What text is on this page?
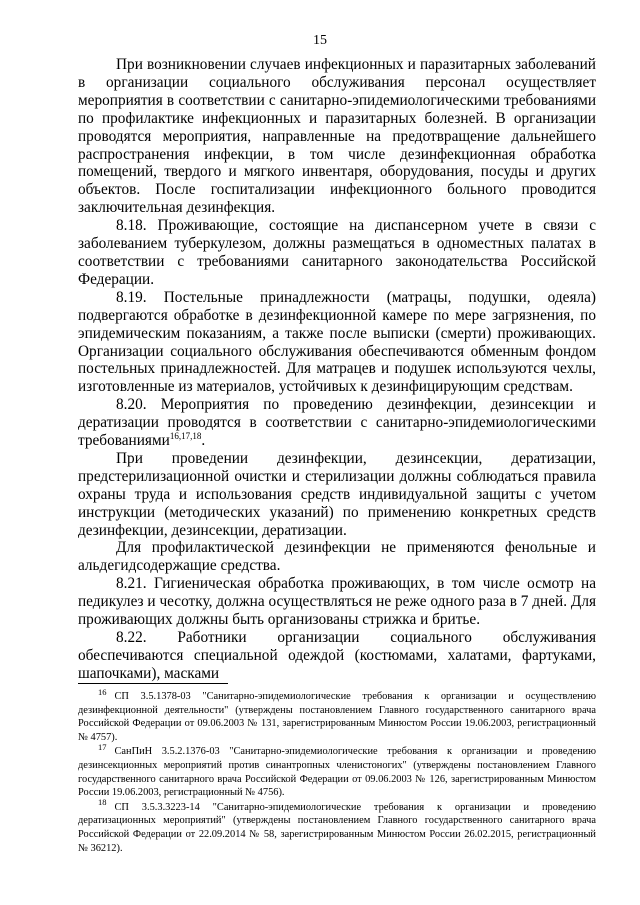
15

При возникновении случаев инфекционных и паразитарных заболеваний в организации социального обслуживания персонал осуществляет мероприятия в соответствии с санитарно-эпидемиологическими требованиями по профилактике инфекционных и паразитарных болезней. В организации проводятся мероприятия, направленные на предотвращение дальнейшего распространения инфекции, в том числе дезинфекционная обработка помещений, твердого и мягкого инвентаря, оборудования, посуды и других объектов. После госпитализации инфекционного больного проводится заключительная дезинфекция.

8.18. Проживающие, состоящие на диспансерном учете в связи с заболеванием туберкулезом, должны размещаться в одноместных палатах в соответствии с требованиями санитарного законодательства Российской Федерации.

8.19. Постельные принадлежности (матрацы, подушки, одеяла) подвергаются обработке в дезинфекционной камере по мере загрязнения, по эпидемическим показаниям, а также после выписки (смерти) проживающих. Организации социального обслуживания обеспечиваются обменным фондом постельных принадлежностей. Для матрацев и подушек используются чехлы, изготовленные из материалов, устойчивых к дезинфицирующим средствам.

8.20. Мероприятия по проведению дезинфекции, дезинсекции и дератизации проводятся в соответствии с санитарно-эпидемиологическими требованиями$^{16,17,18}$.

При проведении дезинфекции, дезинсекции, дератизации, предстерилизационной очистки и стерилизации должны соблюдаться правила охраны труда и использования средств индивидуальной защиты с учетом инструкции (методических указаний) по применению конкретных средств дезинфекции, дезинсекции, дератизации.

Для профилактической дезинфекции не применяются фенольные и альдегидсодержащие средства.

8.21. Гигиеническая обработка проживающих, в том числе осмотр на педикулез и чесотку, должна осуществляться не реже одного раза в 7 дней. Для проживающих должны быть организованы стрижка и бритье.

8.22. Работники организации социального обслуживания обеспечиваются специальной одеждой (костюмами, халатами, фартуками, шапочками), масками

$^{16}$ СП 3.5.1378-03 "Санитарно-эпидемиологические требования к организации и осуществлению дезинфекционной деятельности" (утверждены постановлением Главного государственного санитарного врача Российской Федерации от 09.06.2003 № 131, зарегистрированным Минюстом России 19.06.2003, регистрационный № 4757).

$^{17}$ СанПиН 3.5.2.1376-03 "Санитарно-эпидемиологические требования к организации и проведению дезинсекционных мероприятий против синантропных членистоногих" (утверждены постановлением Главного государственного санитарного врача Российской Федерации от 09.06.2003 № 126, зарегистрированным Минюстом России 19.06.2003, регистрационный № 4756).

$^{18}$ СП 3.5.3.3223-14 "Санитарно-эпидемиологические требования к организации и проведению дератизационных мероприятий" (утверждены постановлением Главного государственного санитарного врача Российской Федерации от 22.09.2014 № 58, зарегистрированным Минюстом России 26.02.2015, регистрационный № 36212).
